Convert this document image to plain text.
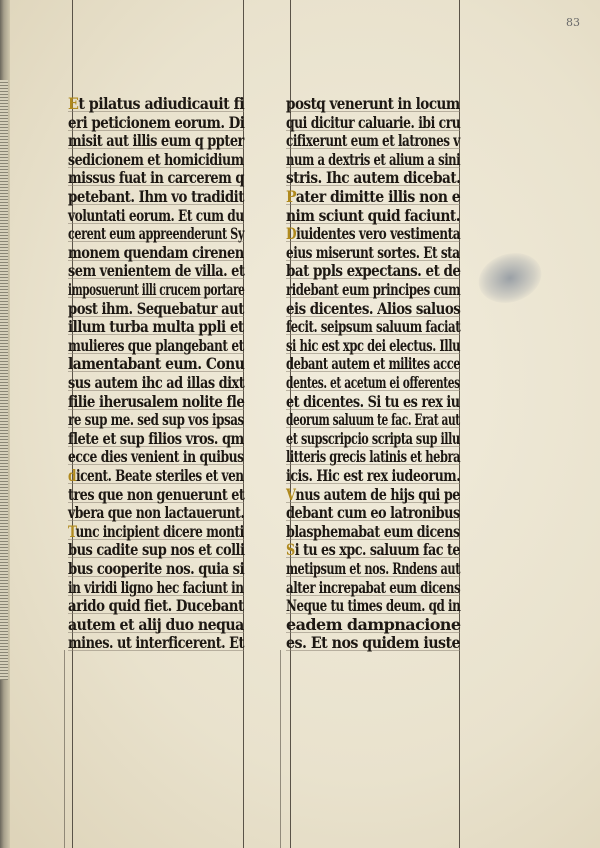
83
Et pilatus adiudicauit fi
eri peticionem eorum. Di
misit aut illis eum q ppter
sedicionem et homicidium
missus fuat in carcerem q
petebant. Ihm vo tradidit
voluntati eorum. Et cum du
cerent eum appreenderunt Sy
monem quendam cirenen
sem venientem de villa. et
imposuerunt illi crucem portare
post ihm. Sequebatur aut
illum turba multa ppli et
mulieres que plangebant et
lamentabant eum. Conu
sus autem ihc ad illas dixt
filie iherusalem nolite fle
re sup me. sed sup vos ipsas
flete et sup filios vros. qm
ecce dies venient in quibus
dicent. Beate steriles et ven
tres que non genuerunt et
vbera que non lactauerunt.
Tunc incipient dicere monti
bus cadite sup nos et colli
bus cooperite nos. quia si
in viridi ligno hec faciunt in
arido quid fiet. Ducebant
autem et alij duo nequa
mines. ut interficerent. Et
postq venerunt in locum
qui dicitur caluarie. ibi cru
cifixerunt eum et latrones v
num a dextris et alium a sini
stris. Ihc autem dicebat.
Pater dimitte illis non e
nim sciunt quid faciunt.
Diuidentes vero vestimenta
eius miserunt sortes. Et sta
bat ppls expectans. et de
ridebant eum principes cum
eis dicentes. Alios saluos
fecit. seipsum saluum faciat
si hic est xpc dei electus. Illu
debant autem et milites acce
dentes. et acetum ei offerentes
et dicentes. Si tu es rex iu
deorum saluum te fac. Erat aut
et supscripcio scripta sup illu
litteris grecis latinis et hebra
icis. Hic est rex iudeorum.
Vnus autem de hijs qui pe
debant cum eo latronibus
blasphemabat eum dicens
Si tu es xpc. saluum fac te
metipsum et nos. Rndens aut
alter increpabat eum dicens
Neque tu times deum. qd in
eadem dampnacione
es. Et nos quidem iuste
